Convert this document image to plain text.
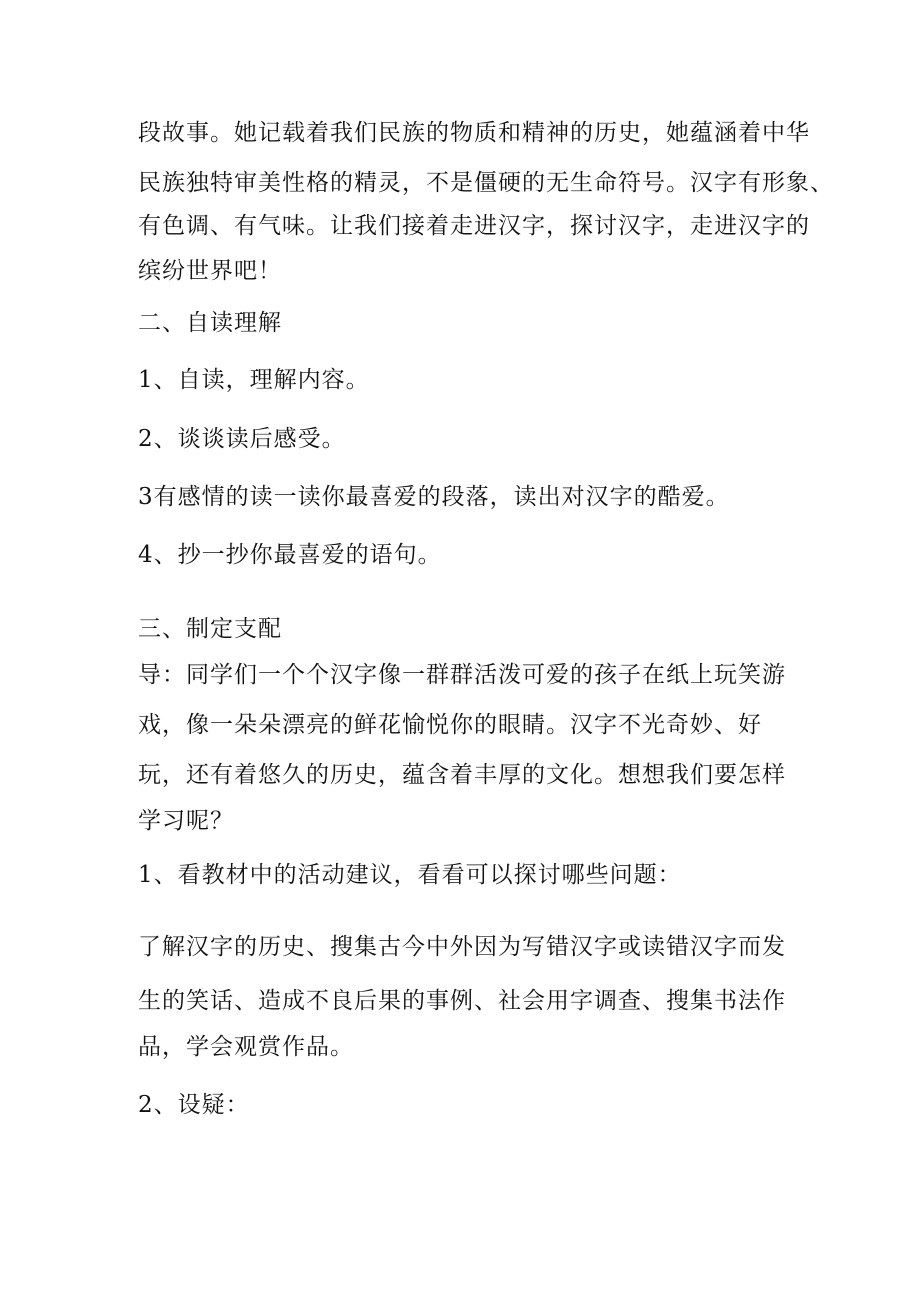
段故事。她记载着我们民族的物质和精神的历史，她蕴涵着中华

民族独特审美性格的精灵，不是僵硬的无生命符号。汉字有形象、

有色调、有气味。让我们接着走进汉字，探讨汉字，走进汉字的

缤纷世界吧！

二、自读理解

1、自读，理解内容。

2、谈谈读后感受。

3有感情的读一读你最喜爱的段落，读出对汉字的酷爱。

4、抄一抄你最喜爱的语句。

三、制定支配

导：同学们一个个汉字像一群群活泼可爱的孩子在纸上玩笑游

戏，像一朵朵漂亮的鲜花愉悦你的眼睛。汉字不光奇妙、好

玩，还有着悠久的历史，蕴含着丰厚的文化。想想我们要怎样

学习呢？

1、看教材中的活动建议，看看可以探讨哪些问题：

了解汉字的历史、搜集古今中外因为写错汉字或读错汉字而发

生的笑话、造成不良后果的事例、社会用字调查、搜集书法作

品，学会观赏作品。

2、设疑：
